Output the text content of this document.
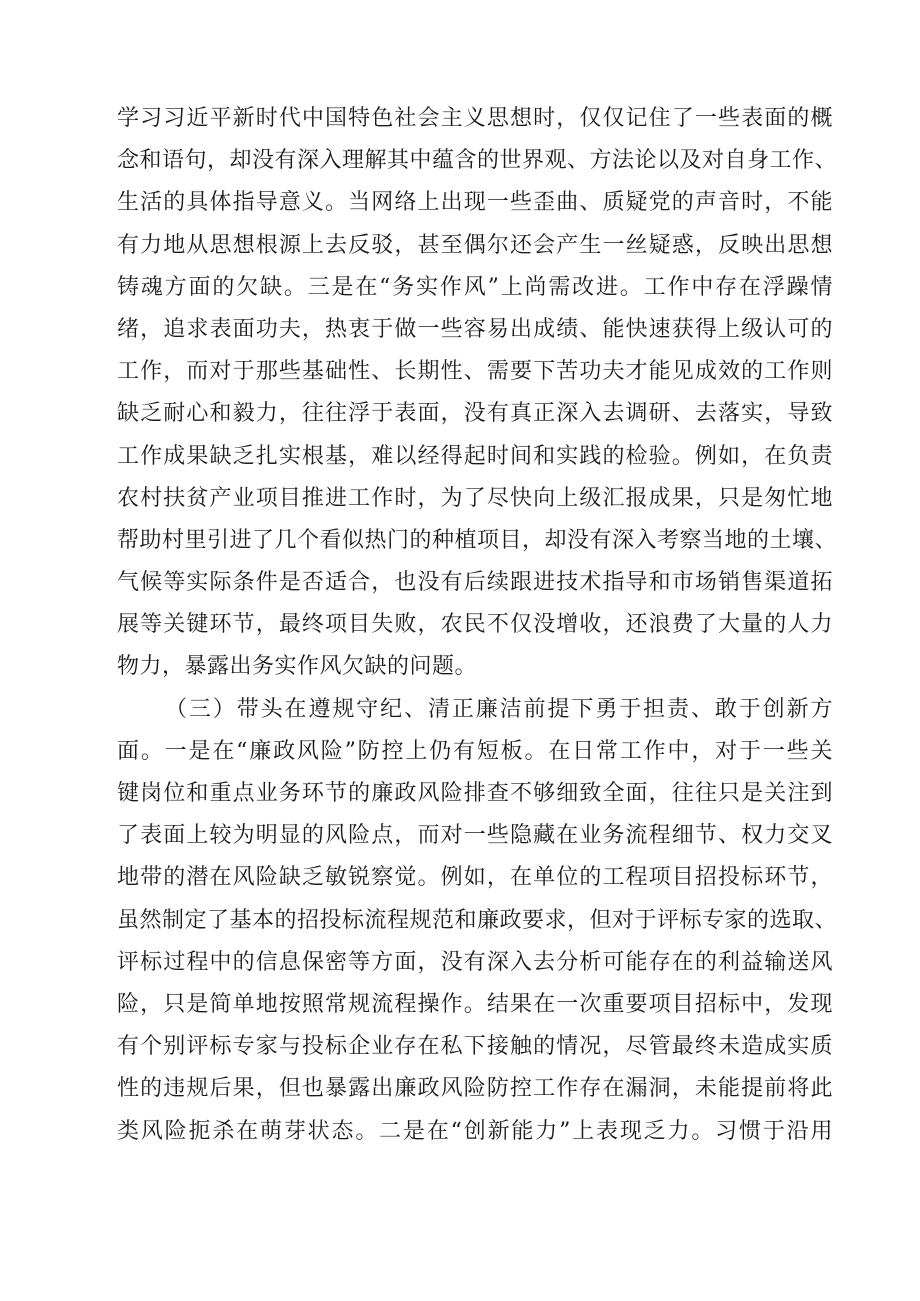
学习习近平新时代中国特色社会主义思想时，仅仅记住了一些表面的概
念和语句，却没有深入理解其中蕴含的世界观、方法论以及对自身工作、
生活的具体指导意义。当网络上出现一些歪曲、质疑党的声音时，不能
有力地从思想根源上去反驳，甚至偶尔还会产生一丝疑惑，反映出思想
铸魂方面的欠缺。三是在“务实作风”上尚需改进。工作中存在浮躁情
绪，追求表面功夫，热衷于做一些容易出成绩、能快速获得上级认可的
工作，而对于那些基础性、长期性、需要下苦功夫才能见成效的工作则
缺乏耐心和毅力，往往浮于表面，没有真正深入去调研、去落实，导致
工作成果缺乏扎实根基，难以经得起时间和实践的检验。例如，在负责
农村扶贫产业项目推进工作时，为了尽快向上级汇报成果，只是匆忙地
帮助村里引进了几个看似热门的种植项目，却没有深入考察当地的土壤、
气候等实际条件是否适合，也没有后续跟进技术指导和市场销售渠道拓
展等关键环节，最终项目失败，农民不仅没增收，还浪费了大量的人力
物力，暴露出务实作风欠缺的问题。
（三）带头在遵规守纪、清正廉洁前提下勇于担责、敢于创新方
面。一是在“廉政风险”防控上仍有短板。在日常工作中，对于一些关
键岗位和重点业务环节的廉政风险排查不够细致全面，往往只是关注到
了表面上较为明显的风险点，而对一些隐藏在业务流程细节、权力交叉
地带的潜在风险缺乏敏锐察觉。例如，在单位的工程项目招投标环节，
虽然制定了基本的招投标流程规范和廉政要求，但对于评标专家的选取、
评标过程中的信息保密等方面，没有深入去分析可能存在的利益输送风
险，只是简单地按照常规流程操作。结果在一次重要项目招标中，发现
有个别评标专家与投标企业存在私下接触的情况，尽管最终未造成实质
性的违规后果，但也暴露出廉政风险防控工作存在漏洞，未能提前将此
类风险扼杀在萌芽状态。二是在“创新能力”上表现乏力。习惯于沿用
